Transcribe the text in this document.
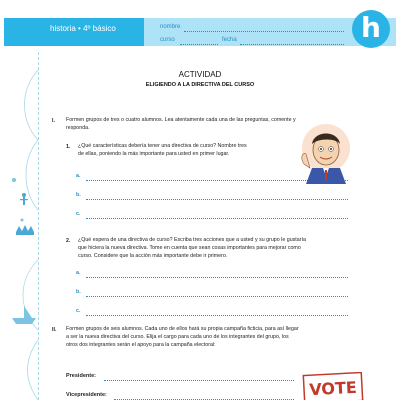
historia • 4º básico	nombre
curso	fecha	h
ACTIVIDAD
ELIGIENDO A LA DIRECTIVA DEL CURSO
I. Formen grupos de tres o cuatro alumnos. Lea atentamente cada una de las preguntas, comente y
responda.
1. ¿Qué características debería tener una directiva de curso? Nombre tres
de ellas, poniendo la más importante para usted en primer lugar.
a.
b.
c.
2. ¿Qué espera de una directiva de curso? Escriba tres acciones que a usted y su grupo le gustaría
que hiciera la nueva directiva. Tome en cuenta que sean cosas importantes para mejorar como
curso. Considere que la acción más importante debe ir primero.
a.
b.
c.
II. Formen grupos de seis alumnos. Cada uno de ellos hará su propia campaña ficticia, para así llegar
a ser la nueva directiva del curso. Elija el cargo para cada uno de los integrantes del grupo, los
otros dos integrantes serán el apoyo para la campaña electoral:
Presidente:
Vicepresidente:	VOTE
